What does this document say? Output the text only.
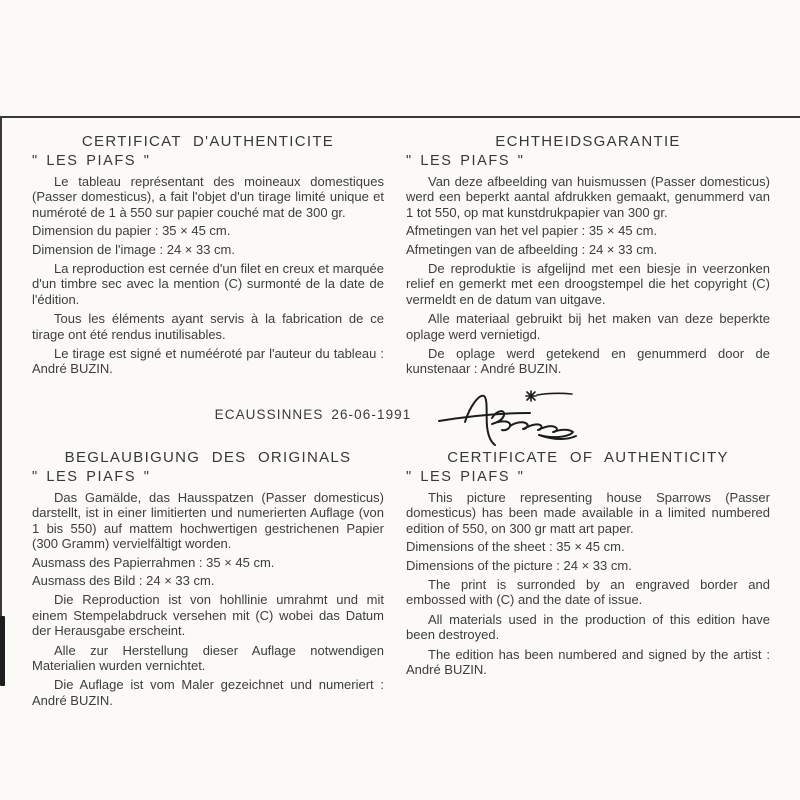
CERTIFICAT D'AUTHENTICITE
" LES PIAFS "

Le tableau représentant des moineaux domestiques (Passer domesticus), a fait l'objet d'un tirage limité unique et numéroté de 1 à 550 sur papier couché mat de 300 gr.

Dimension du papier : 35 × 45 cm.

Dimension de l'image : 24 × 33 cm.

La reproduction est cernée d'un filet en creux et marquée d'un timbre sec avec la mention (C) surmonté de la date de l'édition.

Tous les éléments ayant servis à la fabrication de ce tirage ont été rendus inutilisables.

Le tirage est signé et numééroté par l'auteur du tableau : André BUZIN.

ECHTHEIDSGARANTIE
" LES PIAFS "

Van deze afbeelding van huismussen (Passer domesticus) werd een beperkt aantal afdrukken gemaakt, genummerd van 1 tot 550, op mat kunstdrukpapier van 300 gr.

Afmetingen van het vel papier : 35 × 45 cm.

Afmetingen van de afbeelding : 24 × 33 cm.

De reproduktie is afgelijnd met een biesje in veerzonken relief en gemerkt met een droogstempel die het copyright (C) vermeldt en de datum van uitgave.

Alle materiaal gebruikt bij het maken van deze beperkte oplage werd vernietigd.

De oplage werd getekend en genummerd door de kunstenaar : André BUZIN.

ECAUSSINNES 26-06-1991
BEGLAUBIGUNG DES ORIGINALS
" LES PIAFS "

Das Gamälde, das Hausspatzen (Passer domesticus) darstellt, ist in einer limitierten und numerierten Auflage (von 1 bis 550) auf mattem hochwertigen gestrichenen Papier (300 Gramm) vervielfältigt worden.

Ausmass des Papierrahmen : 35 × 45 cm.

Ausmass des Bild : 24 × 33 cm.

Die Reproduction ist von hohllinie umrahmt und mit einem Stempelabdruck versehen mit (C) wobei das Datum der Herausgabe erscheint.

Alle zur Herstellung dieser Auflage notwendigen Materialien wurden vernichtet.

Die Auflage ist vom Maler gezeichnet und numeriert : André BUZIN.

CERTIFICATE OF AUTHENTICITY
" LES PIAFS "

This picture representing house Sparrows (Passer domesticus) has been made available in a limited numbered edition of 550, on 300 gr matt art paper.

Dimensions of the sheet : 35 × 45 cm.

Dimensions of the picture : 24 × 33 cm.

The print is surronded by an engraved border and embossed with (C) and the date of issue.

All materials used in the production of this edition have been destroyed.

The edition has been numbered and signed by the artist : André BUZIN.
